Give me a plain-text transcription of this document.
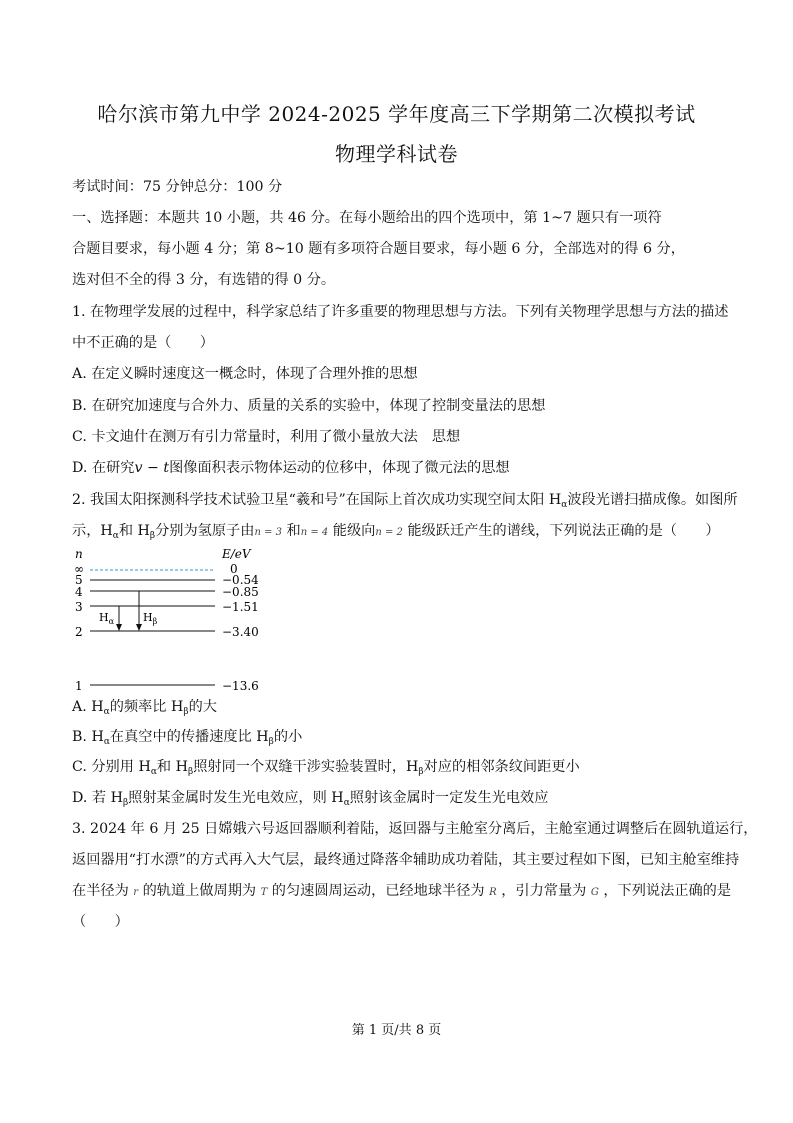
哈尔滨市第九中学 2024-2025 学年度高三下学期第二次模拟考试
物理学科试卷
考试时间：75 分钟总分：100 分
一、选择题：本题共 10 小题，共 46 分。在每小题给出的四个选项中，第 1~7 题只有一项符
合题目要求，每小题 4 分；第 8~10 题有多项符合题目要求，每小题 6 分，全部选对的得 6 分，
选对但不全的得 3 分，有选错的得 0 分。
1. 在物理学发展的过程中，科学家总结了许多重要的物理思想与方法。下列有关物理学思想与方法的描述
中不正确的是（　　）
A. 在定义瞬时速度这一概念时，体现了合理外推的思想
B. 在研究加速度与合外力、质量的关系的实验中，体现了控制变量法的思想
C. 卡文迪什在测万有引力常量时，利用了微小量放大法　思想
D. 在研究v − t图像面积表示物体运动的位移中，体现了微元法的思想
2. 我国太阳探测科学技术试验卫星“羲和号”在国际上首次成功实现空间太阳 $H_\alpha$波段光谱扫描成像。如图所
示，$H_\alpha$和 $H_\beta$分别为氢原子由n = 3 和n = 4 能级向n = 2 能级跃迁产生的谱线，下列说法正确的是（　　）
n	E/eV
∞	0
5	−0.54
4	−0.85
3	−1.51
2	−3.40
1	−13.6
$H_\alpha$	$H_\beta$
A. $H_\alpha$的频率比 $H_\beta$的大
B. $H_\alpha$在真空中的传播速度比 $H_\beta$的小
C. 分别用 $H_\alpha$和 $H_\beta$照射同一个双缝干涉实验装置时，$H_\beta$对应的相邻条纹间距更小
D. 若 $H_\beta$照射某金属时发生光电效应，则 $H_\alpha$照射该金属时一定发生光电效应
3. 2024 年 6 月 25 日嫦娥六号返回器顺利着陆，返回器与主舱室分离后，主舱室通过调整后在圆轨道运行，
返回器用“打水漂”的方式再入大气层，最终通过降落伞辅助成功着陆，其主要过程如下图，已知主舱室维持
在半径为 r 的轨道上做周期为 T 的匀速圆周运动，已经地球半径为 R ，引力常量为 G ，下列说法正确的是
（　　）
第 1 页/共 8 页
